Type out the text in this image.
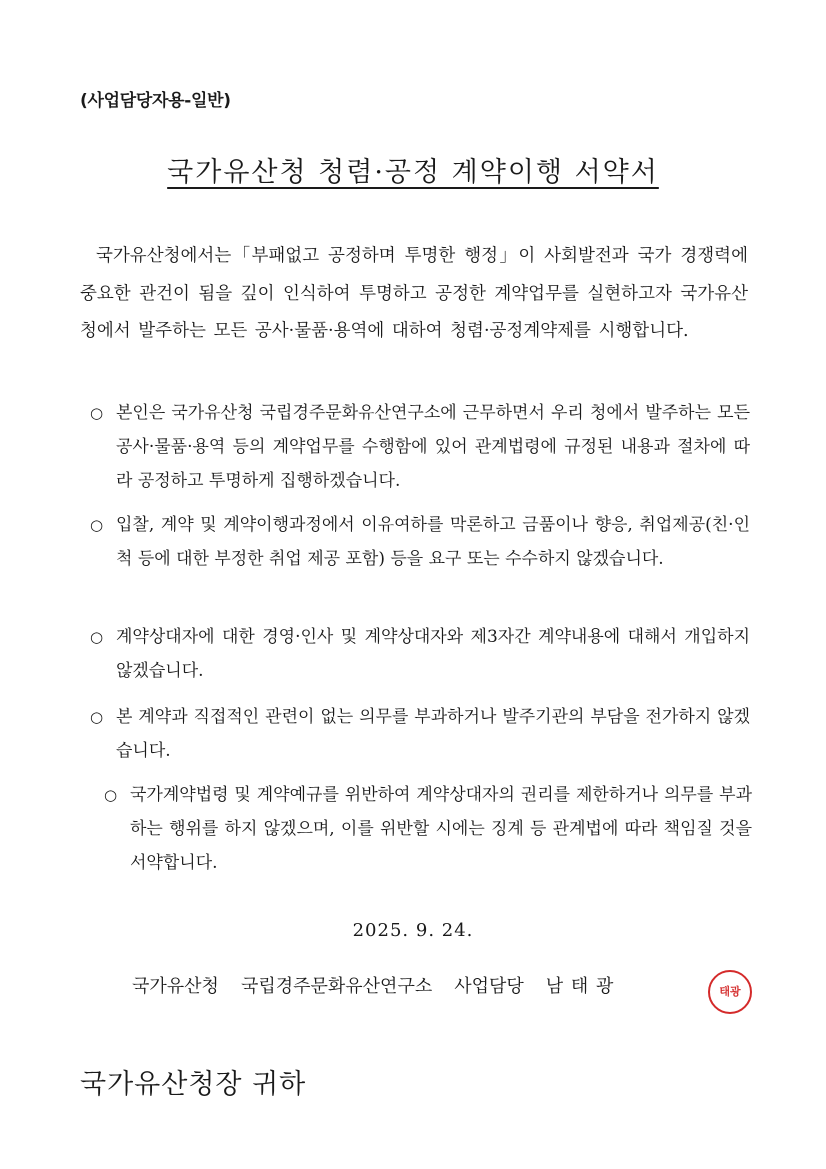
(사업담당자용-일반)
국가유산청 청렴·공정 계약이행 서약서
국가유산청에서는「부패없고 공정하며 투명한 행정」이 사회발전과 국가 경쟁력에 중요한 관건이 됨을 깊이 인식하여 투명하고 공정한 계약업무를 실현하고자 국가유산청에서 발주하는 모든 공사·물품·용역에 대하여 청렴·공정계약제를 시행합니다.
○ 본인은 국가유산청 국립경주문화유산연구소에 근무하면서 우리 청에서 발주하는 모든 공사·물품·용역 등의 계약업무를 수행함에 있어 관계법령에 규정된 내용과 절차에 따라 공정하고 투명하게 집행하겠습니다.
○ 입찰, 계약 및 계약이행과정에서 이유여하를 막론하고 금품이나 향응, 취업제공(친·인척 등에 대한 부정한 취업 제공 포함) 등을 요구 또는 수수하지 않겠습니다.
○ 계약상대자에 대한 경영·인사 및 계약상대자와 제3자간 계약내용에 대해서 개입하지 않겠습니다.
○ 본 계약과 직접적인 관련이 없는 의무를 부과하거나 발주기관의 부담을 전가하지 않겠습니다.
○ 국가계약법령 및 계약예규를 위반하여 계약상대자의 권리를 제한하거나 의무를 부과하는 행위를 하지 않겠으며, 이를 위반할 시에는 징계 등 관계법에 따라 책임질 것을 서약합니다.
2025. 9. 24.
국가유산청 국립경주문화유산연구소 사업담당 남 태 광	태광
국가유산청장 귀하
